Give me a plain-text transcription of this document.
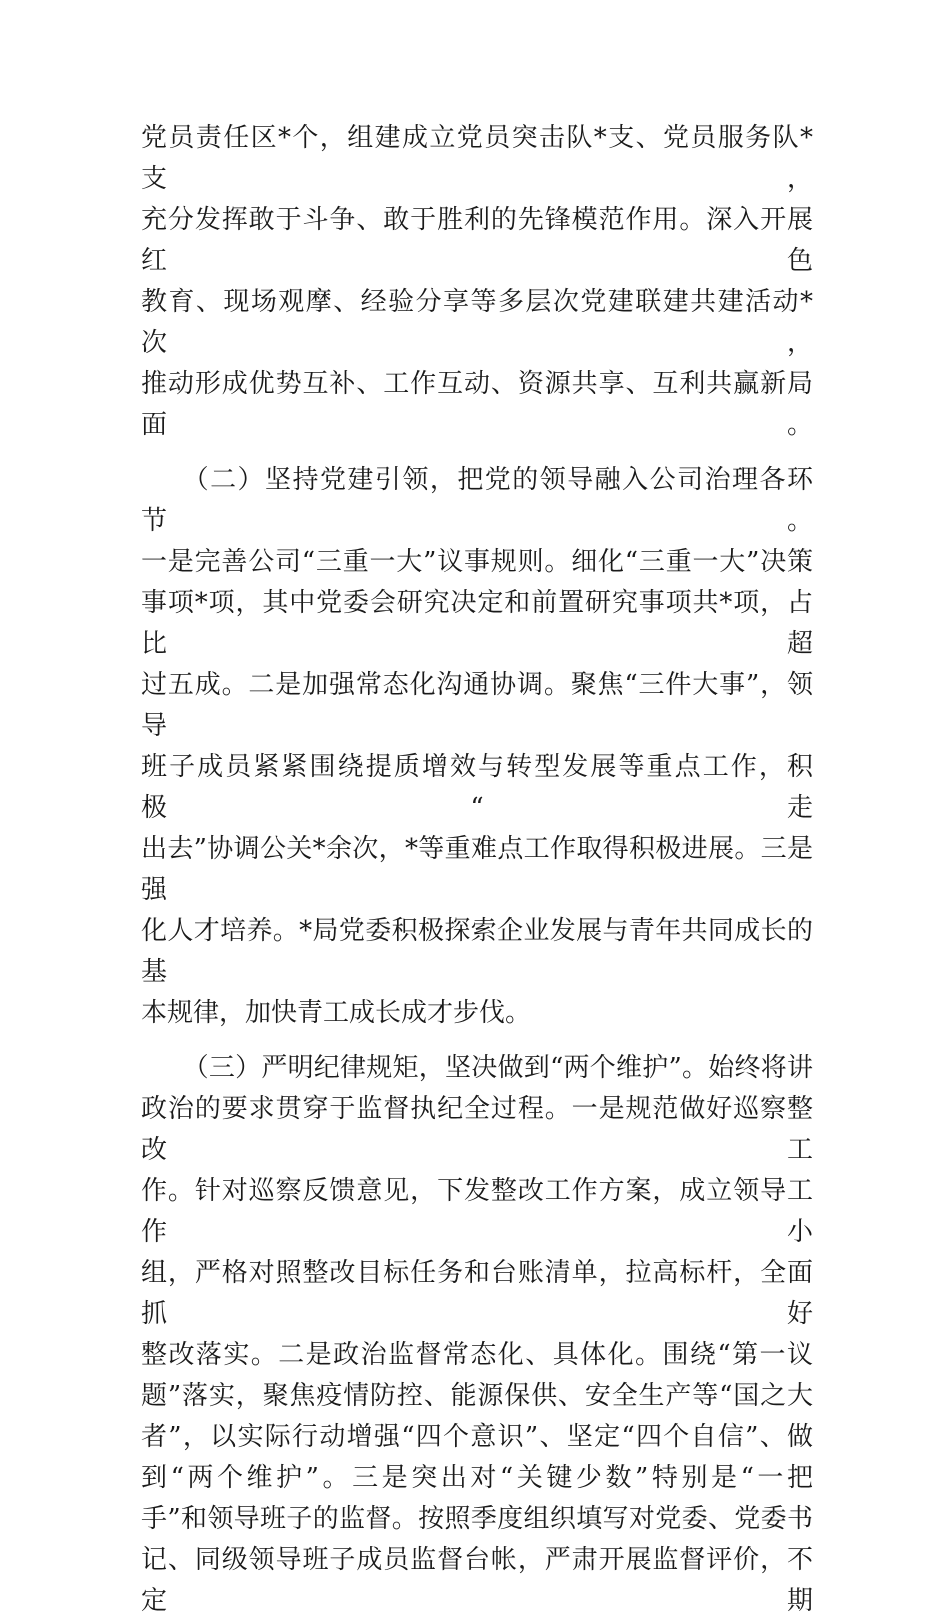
党员责任区*个，组建成立党员突击队*支、党员服务队*支，

充分发挥敢于斗争、敢于胜利的先锋模范作用。深入开展红色

教育、现场观摩、经验分享等多层次党建联建共建活动*次，

推动形成优势互补、工作互动、资源共享、互利共赢新局面。

（二）坚持党建引领，把党的领导融入公司治理各环节。

一是完善公司“三重一大”议事规则。细化“三重一大”决策

事项*项，其中党委会研究决定和前置研究事项共*项，占比超

过五成。二是加强常态化沟通协调。聚焦“三件大事”，领导

班子成员紧紧围绕提质增效与转型发展等重点工作，积极“走

出去”协调公关*余次，*等重难点工作取得积极进展。三是强

化人才培养。*局党委积极探索企业发展与青年共同成长的基

本规律，加快青工成长成才步伐。

（三）严明纪律规矩，坚决做到“两个维护”。始终将讲

政治的要求贯穿于监督执纪全过程。一是规范做好巡察整改工

作。针对巡察反馈意见，下发整改工作方案，成立领导工作小

组，严格对照整改目标任务和台账清单，拉高标杆，全面抓好

整改落实。二是政治监督常态化、具体化。围绕“第一议

题”落实，聚焦疫情防控、能源保供、安全生产等“国之大

者”，以实际行动增强“四个意识”、坚定“四个自信”、做

到“两个维护”。三是突出对“关键少数”特别是“一把

手”和领导班子的监督。按照季度组织填写对党委、党委书

记、同级领导班子成员监督台帐，严肃开展监督评价，不定期
